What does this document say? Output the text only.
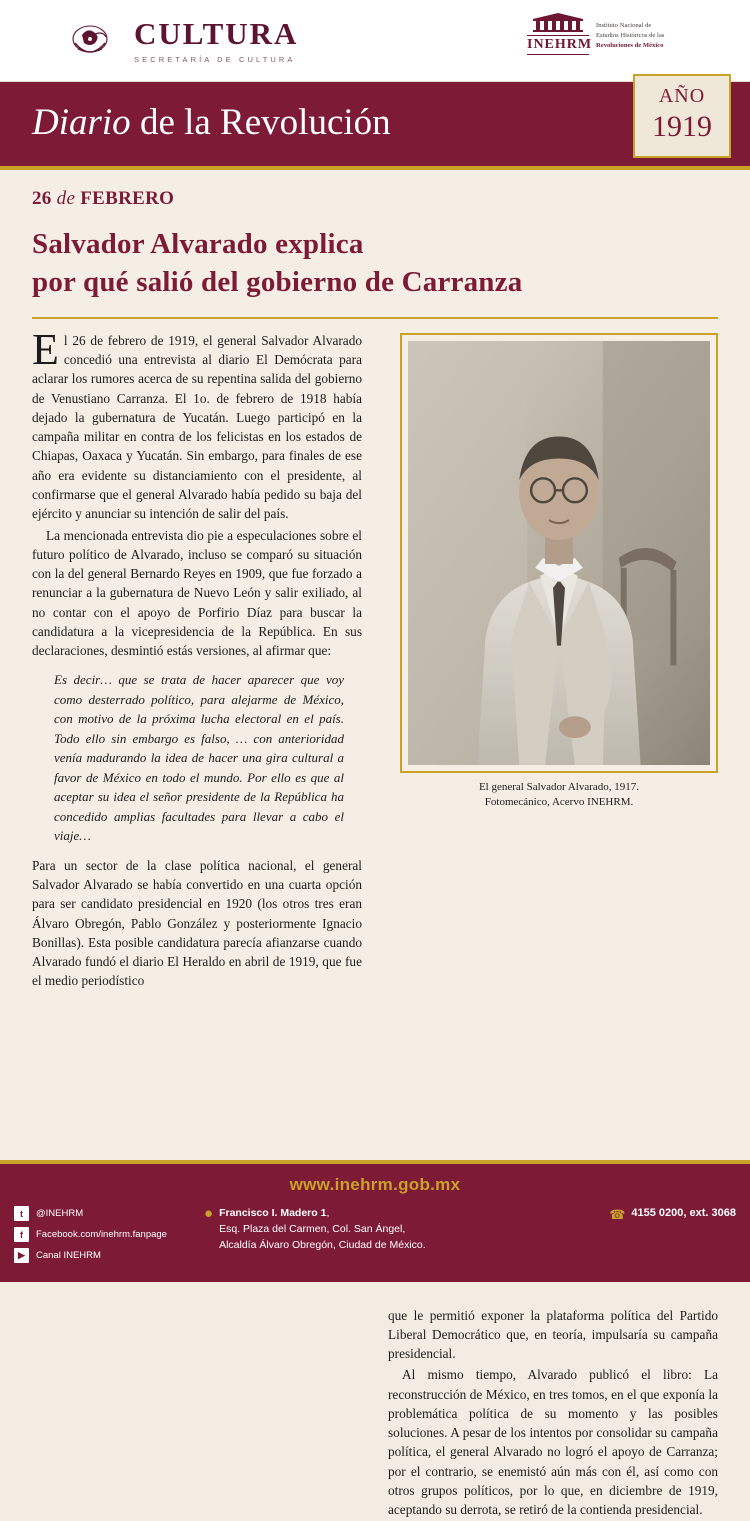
CULTURA
SECRETARÍA DE CULTURA
INEHRM
Instituto Nacional de
Estudios Históricos de las
Revoluciones de México
Diario de la Revolución
AÑO
1919
26 de FEBRERO
Salvador Alvarado explica
por qué salió del gobierno de Carranza
El general Salvador Alvarado, 1917.
Fotomecánico, Acervo INEHRM.

El 26 de febrero de 1919, el general Salvador Alvarado concedió una entrevista al diario El Demócrata para aclarar los rumores acerca de su repentina salida del gobierno de Venustiano Carranza. El 1o. de febrero de 1918 había dejado la gubernatura de Yucatán. Luego participó en la campaña militar en contra de los felicistas en los estados de Chiapas, Oaxaca y Yucatán. Sin embargo, para finales de ese año era evidente su distanciamiento con el presidente, al confirmarse que el general Alvarado había pedido su baja del ejército y anunciar su intención de salir del país.

La mencionada entrevista dio pie a especulaciones sobre el futuro político de Alvarado, incluso se comparó su situación con la del general Bernardo Reyes en 1909, que fue forzado a renunciar a la gubernatura de Nuevo León y salir exiliado, al no contar con el apoyo de Porfirio Díaz para buscar la candidatura a la vicepresidencia de la República. En sus declaraciones, desmintió estás versiones, al afirmar que:

Es decir… que se trata de hacer aparecer que voy como desterrado político, para alejarme de México, con motivo de la próxima lucha electoral en el país. Todo ello sin embargo es falso, … con anterioridad venía madurando la idea de hacer una gira cultural a favor de México en todo el mundo. Por ello es que al aceptar su idea el señor presidente de la República ha concedido amplias facultades para llevar a cabo el viaje…

Para un sector de la clase política nacional, el general Salvador Alvarado se había convertido en una cuarta opción para ser candidato presidencial en 1920 (los otros tres eran Álvaro Obregón, Pablo González y posteriormente Ignacio Bonillas). Esta posible candidatura parecía afianzarse cuando Alvarado fundó el diario El Heraldo en abril de 1919, que fue el medio periodístico

que le permitió exponer la plataforma política del Partido Liberal Democrático que, en teoría, impulsaría su campaña presidencial.

Al mismo tiempo, Alvarado publicó el libro: La reconstrucción de México, en tres tomos, en el que exponía la problemática política de su momento y las posibles soluciones. A pesar de los intentos por consolidar su campaña política, el general Alvarado no logró el apoyo de Carranza; por el contrario, se enemistó aún más con él, así como con otros grupos políticos, por lo que, en diciembre de 1919, aceptando su derrota, se retiró de la contienda presidencial.

www.inehrm.gob.mx
t	@INEHRM
f	Facebook.com/inehrm.fanpage
▶	Canal INEHRM
● Francisco I. Madero 1,
Esq. Plaza del Carmen, Col. San Ángel,
Alcaldía Álvaro Obregón, Ciudad de México.
☎ 4155 0200, ext. 3068
